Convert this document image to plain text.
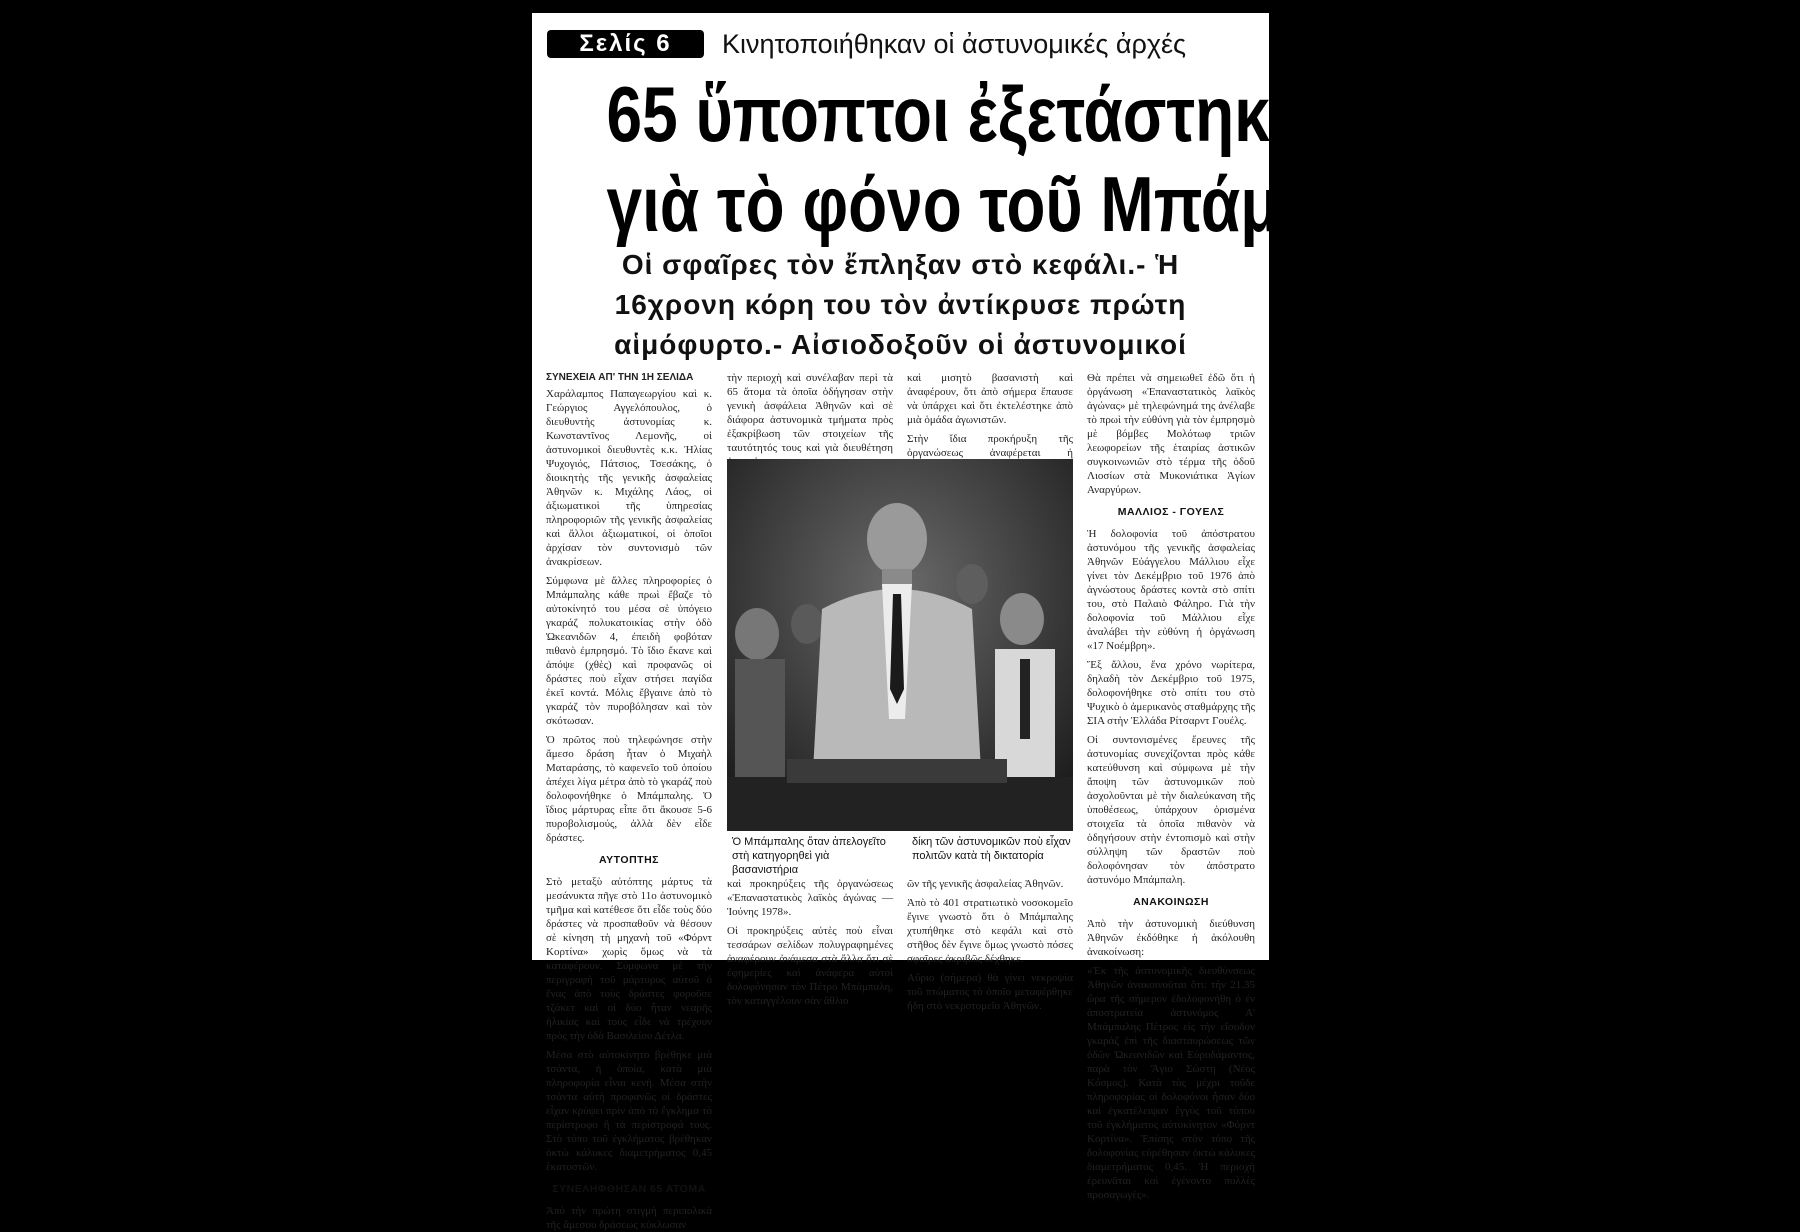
Σελίς 6	Κινητοποιήθηκαν οἱ ἀστυνομικές ἀρχές
65 ὕποπτοι ἐξετάστηκαν
γιὰ τὸ φόνο τοῦ Μπάμπαλη
Οἱ σφαῖρες τὸν ἔπληξαν στὸ κεφάλι.- Ἡ
16χρονη κόρη του τὸν ἀντίκρυσε πρώτη
αἱμόφυρτο.- Αἰσιοδοξοῦν οἱ ἀστυνομικοί

ΣΥΝΕΧΕΙΑ ΑΠ' ΤΗΝ 1Η ΣΕΛΙΔΑ

Χαράλαμπος Παπαγεωργίου καὶ κ. Γεώργιος Αγγελόπουλος, ὁ διευθυντὴς ἀστυνομίας κ. Κωνσταντῖνος Λεμονῆς, οἱ ἀστυνομικοὶ διευθυντὲς κ.κ. Ἠλίας Ψυχογιός, Πάτσιος, Τσεσάκης, ὁ διοικητὴς τῆς γενικῆς ἀσφαλείας Ἀθηνῶν κ. Μιχάλης Λάος, οἱ ἀξιωματικοὶ τῆς ὑπηρεσίας πληροφοριῶν τῆς γενικῆς ἀσφαλείας καὶ ἄλλοι ἀξιωματικοί, οἱ ὁποῖοι ἀρχίσαν τὸν συντονισμὸ τῶν ἀνακρίσεων.

Σύμφωνα μὲ ἄλλες πληροφορίες ὁ Μπάμπαλης κάθε πρωὶ ἔβαζε τὸ αὐτοκίνητό του μέσα σὲ ὑπόγειο γκαράζ πολυκατοικίας στὴν ὁδὸ Ὠκεανιδῶν 4, ἐπειδὴ φοβόταν πιθανὸ ἐμπρησμό. Τὸ ἴδιο ἔκανε καὶ ἀπόψε (χθὲς) καὶ προφανῶς οἱ δράστες ποὺ εἶχαν στήσει παγίδα ἐκεῖ κοντά. Μόλις ἔβγαινε ἀπὸ τὸ γκαράζ τὸν πυροβόλησαν καὶ τὸν σκότωσαν.

Ὁ πρῶτος ποὺ τηλεφώνησε στὴν ἄμεσο δράση ἦταν ὁ Μιχαὴλ Ματαράσης, τὸ καφενεῖο τοῦ ὁποίου ἀπέχει λίγα μέτρα ἀπὸ τὸ γκαράζ ποὺ δολοφονήθηκε ὁ Μπάμπαλης. Ὁ ἴδιος μάρτυρας εἶπε ὅτι ἄκουσε 5-6 πυροβολισμούς, ἀλλὰ δὲν εἶδε δράστες.

ΑΥΤΟΠΤΗΣ

Στὸ μεταξὺ αὐτόπτης μάρτυς τὰ μεσάνυκτα πῆγε στὸ 11ο ἀστυνομικὸ τμῆμα καὶ κατέθεσε ὅτι εἶδε τοὺς δύο δράστες νὰ προσπαθοῦν νὰ θέσουν σὲ κίνηση τὴ μηχανὴ τοῦ «Φόρντ Κορτίνα» χωρὶς ὅμως νὰ τὰ καταφέρουν. Σύμφωνα μὲ τὴν περιγραφὴ τοῦ μάρτυρος αὐτοῦ ὁ ἕνας ἀπὸ τοὺς δράστες φοροῦσε τζάκετ καὶ οἱ δύο ἦταν νεαρῆς ἡλικίας καὶ τοὺς εἶδε νὰ τρέχουν πρὸς τὴν ὁδὸ Βασιλείου Δέτλα.

Μέσα στὸ αὐτοκίνητο βρέθηκε μιὰ τσάντα, ἡ ὁποία, κατὰ μιὰ πληροφορία εἶναι κενή. Μέσα στὴν τσάντα αὐτὴ προφανῶς οἱ δράστες εἶχαν κρύψει πρὶν ἀπὸ τὸ ἔγκλημα τὸ περίστροφο ἢ τὰ περίστροφά τους. Στὸ τόπο τοῦ ἐγκλήματος βρέθηκαν ὀκτὼ κάλυκες διαμετρήματος 0,45 ἑκατοστῶν.

ΣΥΝΕΛΗΦΘΗΣΑΝ 65 ΑΤΟΜΑ

Ἀπὸ τὴν πρώτη στιγμὴ περιπολικὰ τῆς ἄμεσου δράσεως κύκλωσαν

τὴν περιοχὴ καὶ συνέλαβαν περὶ τὰ 65 ἄτομα τὰ ὁποῖα ὁδήγησαν στὴν γενικὴ ἀσφάλεια Ἀθηνῶν καὶ σὲ διάφορα ἀστυνομικὰ τμήματα πρὸς ἐξακρίβωση τῶν στοιχείων τῆς ταυτότητός τους καὶ γιὰ διευθέτηση

καὶ μισητὸ βασανιστὴ καὶ ἀναφέρουν, ὅτι ἀπὸ σήμερα ἔπαυσε νὰ ὑπάρχει καὶ ὅτι ἐκτελέστηκε ἀπὸ μιὰ ὁμάδα ἀγωνιστῶν.

Στὴν ἴδια προκήρυξη τῆς ὀργανώσεως ἀναφέρεται ἡ

Ὁ Μπάμπαλης ὅταν ἀπελογεῖτο στὴ κατηγορηθεὶ γιὰ βασανιστήρια
δίκη τῶν ἀστυνομικῶν ποὺ εἶχαν πολιτῶν κατὰ τὴ δικτατορία

καὶ προκηρύξεις τῆς ὀργανώσεως «Ἐπαναστατικὸς λαϊκὸς ἀγώνας — Ἰούνης 1978».

Οἱ προκηρύξεις αὐτὲς ποὺ εἶναι τεσσάρων σελίδων πολυγραφημένες ἀναφέρουν ἀνάμεσα στὰ ἄλλα ὅτι σὲ ἐφημερίες καὶ ἀνάφερα αὐτοὶ δολοφόνησαν τὸν Πέτρο Μπάμπαλη, τὸν καταγγέλουν σὰν ἄθλιο

ῶν τῆς γενικῆς ἀσφαλείας Ἀθηνῶν.

Ἀπὸ τὸ 401 στρατιωτικὸ νοσοκομεῖο ἔγινε γνωστὸ ὅτι ὁ Μπάμπαλης χτυπήθηκε στὸ κεφάλι καὶ στὸ στῆθος δὲν ἔγινε ὅμως γνωστὸ πόσες σφαῖρες ἀκριβῶς δέχθηκε.

Αὔριο (σήμερα) θὰ γίνει νεκροψία τοῦ πτώματος τὸ ὁποῖο μεταφέρθηκε ἤδη στὸ νεκροτομεῖο Ἀθηνῶν.

Θὰ πρέπει νὰ σημειωθεῖ ἐδῶ ὅτι ἡ ὀργάνωση «Ἐπαναστατικὸς λαϊκὸς ἀγώνας» μὲ τηλεφώνημά της ἀνέλαβε τὸ πρωὶ τὴν εὐθύνη γιὰ τὸν ἐμπρησμὸ μὲ βόμβες Μολότωφ τριῶν λεωφορείων τῆς ἑταιρίας ἀστικῶν συγκοινωνιῶν στὸ τέρμα τῆς ὁδοῦ Λιοσίων στὰ Μυκονιάτικα Ἁγίων Αναργύρων.

ΜΑΛΛΙΟΣ - ΓΟΥΕΛΣ

Ἡ δολοφονία τοῦ ἀπόστρατου ἀστυνόμου τῆς γενικῆς ἀσφαλείας Ἀθηνῶν Εὐάγγελου Μάλλιου εἶχε γίνει τὸν Δεκέμβριο τοῦ 1976 ἀπὸ ἀγνώστους δράστες κοντὰ στὸ σπίτι του, στὸ Παλαιὸ Φάληρο. Γιὰ τὴν δολοφονία τοῦ Μάλλιου εἶχε ἀναλάβει τὴν εὐθύνη ἡ ὀργάνωση «17 Νοέμβρη».

Ἕξ ἄλλου, ἕνα χρόνο νωρίτερα, δηλαδὴ τὸν Δεκέμβριο τοῦ 1975, δολοφονήθηκε στὸ σπίτι του στὸ Ψυχικὸ ὁ ἀμερικανὸς σταθμάρχης τῆς ΣΙΑ στὴν Ἑλλάδα Ρίτσαρντ Γουέλς.

Οἱ συντονισμένες ἔρευνες τῆς ἀστυνομίας συνεχίζονται πρὸς κάθε κατεύθυνση καὶ σύμφωνα μὲ τὴν ἄποψη τῶν ἀστυνομικῶν ποὺ ἀσχολοῦνται μὲ τὴν διαλεύκανση τῆς ὑποθέσεως, ὑπάρχουν ὁρισμένα στοιχεῖα τὰ ὁποῖα πιθανὸν νὰ ὁδηγήσουν στὴν ἐντοπισμὸ καὶ στὴν σύλληψη τῶν δραστῶν ποὺ δολοφόνησαν τὸν ἀπόστρατο ἀστυνόμο Μπάμπαλη.

ΑΝΑΚΟΙΝΩΣΗ

Ἀπὸ τὴν ἀστυνομικὴ διεύθυνση Ἀθηνῶν ἐκδόθηκε ἡ ἀκόλουθη ἀνακοίνωση:

«Ἐκ τῆς ἀστυνομικῆς διευθύνσεως Ἀθηνῶν ἀνακοινοῦται ὅτι: τὴν 21.35 ὥρα τῆς σήμερον ἐδολοφονήθη ὁ ἐν ἀποστρατεία ἀστυνόμος Α' Μπάμπαλης Πέτρος εἰς τὴν εἴσοδον γκαράζ ἐπὶ τῆς διασταυρώσεως τῶν ὁδῶν Ὠκεανιδῶν καὶ Εὐρυδάμαντος, παρὰ τὸν Ἅγιο Σώστη (Νέος Κόσμος). Κατὰ τὰς μέχρι τοῦδε πληροφορίας οἱ δολοφόνοι ἦσαν δύο καὶ ἐγκατέλειψαν ἔγγὺς τοῦ τόπου τοῦ ἐγκλήματος αὐτοκίνητον «Φὸρντ Κορτίνα». Ἐπίσης στὸν τόπο τῆς δολοφονίας εὑρέθησαν ὀκτὼ κάλυκες διαμετρήματος 0,45. Ἡ περιοχὴ ἐρευνᾶται καὶ ἐγένοντο πολλὲς προσαγωγές».
